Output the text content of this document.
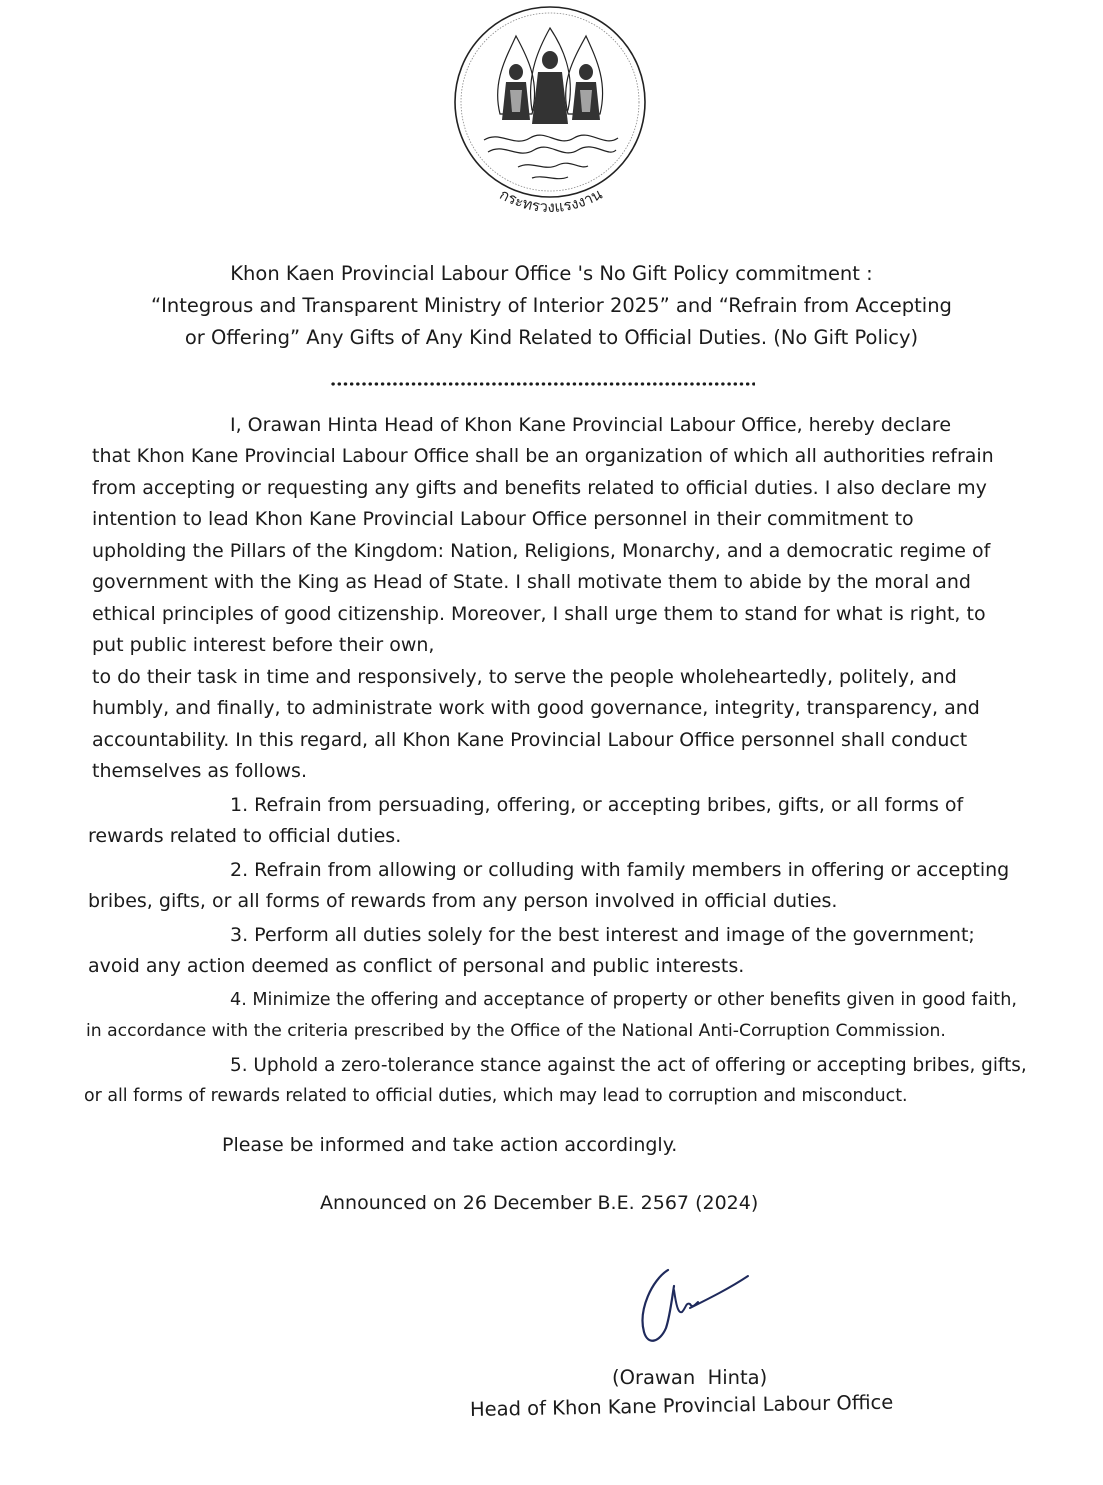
กระทรวงแรงงาน
Khon Kaen Provincial Labour Office 's No Gift Policy commitment :
“Integrous and Transparent Ministry of Interior 2025” and “Refrain from Accepting
or Offering” Any Gifts of Any Kind Related to Official Duties. (No Gift Policy)
I, Orawan Hinta Head of Khon Kane Provincial Labour Office, hereby declare
that Khon Kane Provincial Labour Office shall be an organization of which all authorities refrain
from accepting or requesting any gifts and benefits related to official duties. I also declare my
intention to lead Khon Kane Provincial Labour Office personnel in their commitment to
upholding the Pillars of the Kingdom: Nation, Religions, Monarchy, and a democratic regime of
government with the King as Head of State. I shall motivate them to abide by the moral and
ethical principles of good citizenship. Moreover, I shall urge them to stand for what is right, to
put public interest before their own,
to do their task in time and responsively, to serve the people wholeheartedly, politely, and
humbly, and finally, to administrate work with good governance, integrity, transparency, and
accountability. In this regard, all Khon Kane Provincial Labour Office personnel shall conduct
themselves as follows.
1. Refrain from persuading, offering, or accepting bribes, gifts, or all forms of
rewards related to official duties.
2. Refrain from allowing or colluding with family members in offering or accepting
bribes, gifts, or all forms of rewards from any person involved in official duties.
3. Perform all duties solely for the best interest and image of the government;
avoid any action deemed as conflict of personal and public interests.
4. Minimize the offering and acceptance of property or other benefits given in good faith,
in accordance with the criteria prescribed by the Office of the National Anti-Corruption Commission.
5. Uphold a zero-tolerance stance against the act of offering or accepting bribes, gifts,
or all forms of rewards related to official duties, which may lead to corruption and misconduct.
Please be informed and take action accordingly.
Announced on 26 December B.E. 2567 (2024)
(Orawan  Hinta)
Head of Khon Kane Provincial Labour Office
